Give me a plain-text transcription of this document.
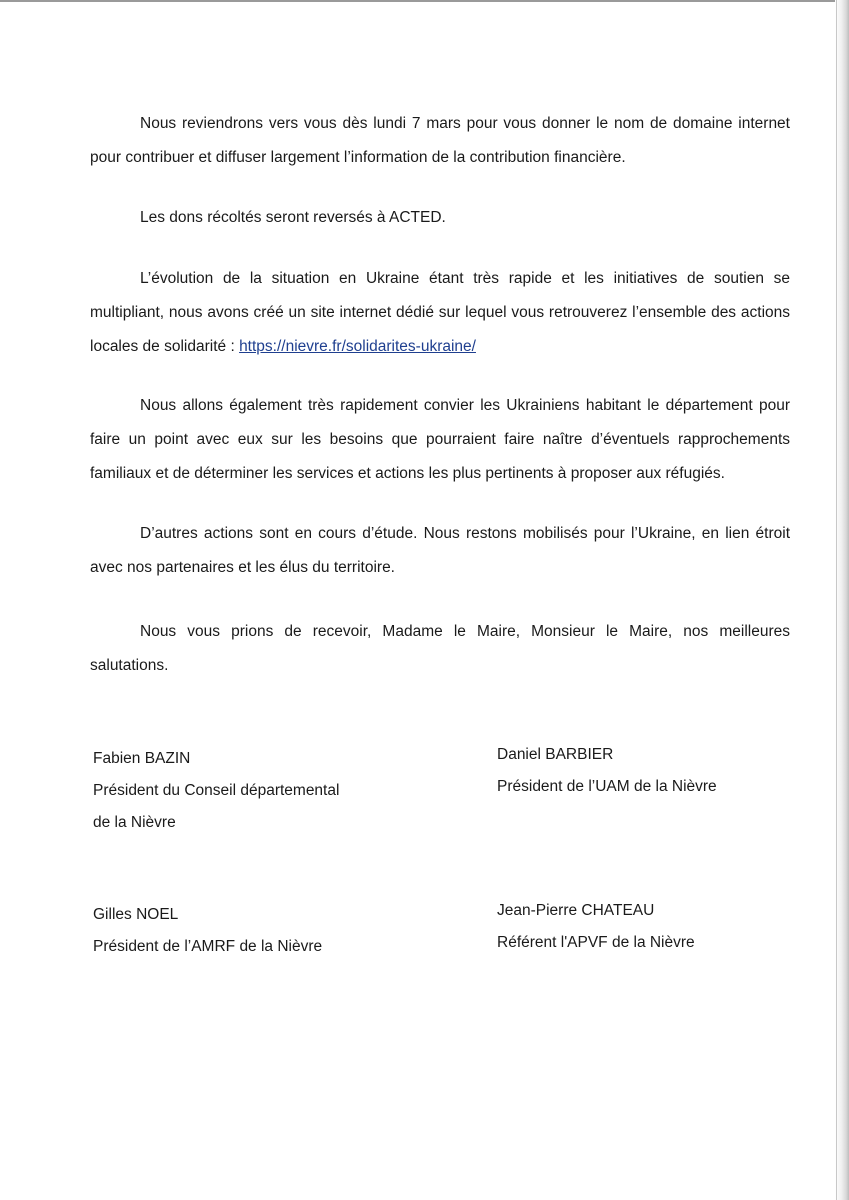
Nous reviendrons vers vous dès lundi 7 mars pour vous donner le nom de domaine internet pour contribuer et diffuser largement l’information de la contribution financière.

Les dons récoltés seront reversés à ACTED.

L’évolution de la situation en Ukraine étant très rapide et les initiatives de soutien se multipliant, nous avons créé un site internet dédié sur lequel vous retrouverez l’ensemble des actions locales de solidarité : https://nievre.fr/solidarites-ukraine/

Nous allons également très rapidement convier les Ukrainiens habitant le département pour faire un point avec eux sur les besoins que pourraient faire naître d’éventuels rapprochements familiaux et de déterminer les services et actions les plus pertinents à proposer aux réfugiés.

D’autres actions sont en cours d’étude. Nous restons mobilisés pour l’Ukraine, en lien étroit avec nos partenaires et les élus du territoire.

Nous vous prions de recevoir, Madame le Maire, Monsieur le Maire, nos meilleures salutations.

Fabien BAZIN
Président du Conseil départemental
de la Nièvre
Daniel BARBIER
Président de l’UAM de la Nièvre
Gilles NOEL
Président de l’AMRF de la Nièvre
Jean-Pierre CHATEAU
Référent l'APVF de la Nièvre
